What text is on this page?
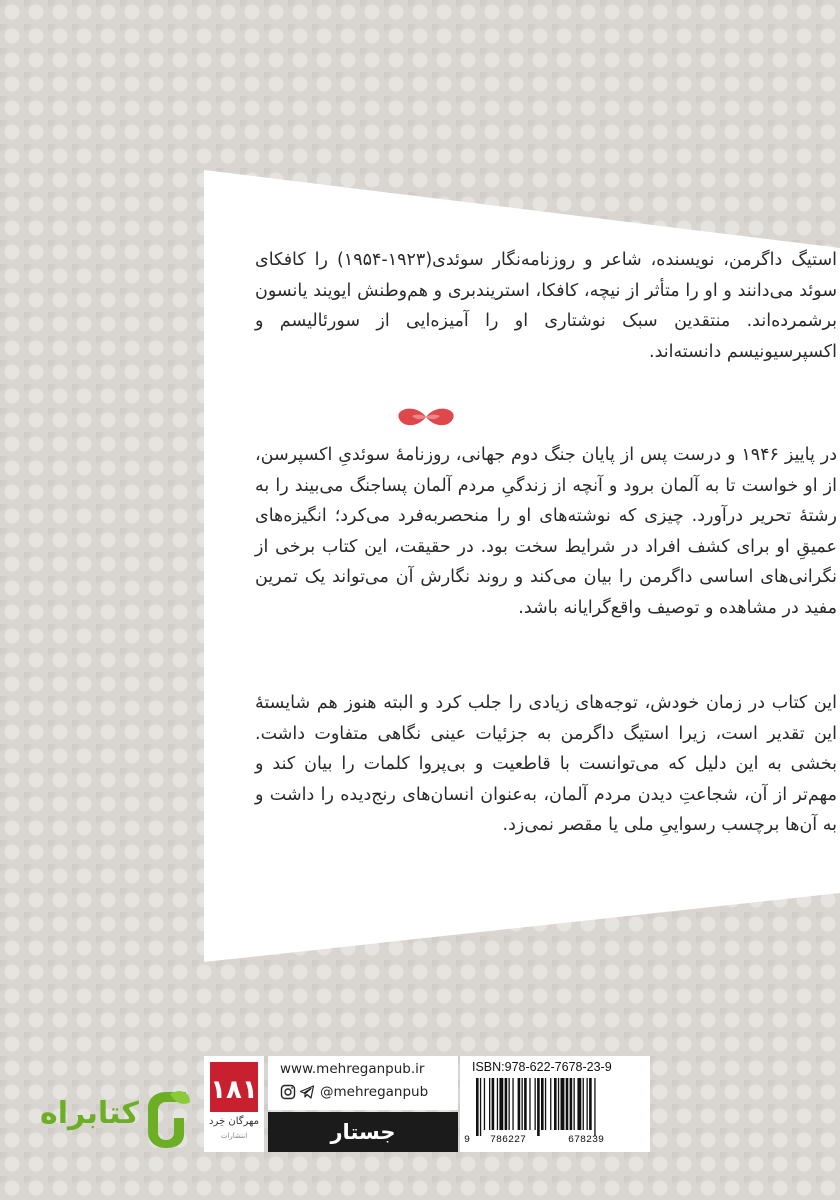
استیگ داگرمن، نویسنده، شاعر و روزنامه‌نگار سوئدی(۱۹۲۳-۱۹۵۴) را کافکای سوئد می‌دانند و او را متأثر از نیچه، کافکا، استریندبری و هم‌وطنش ایویند یانسون برشمرده‌اند. منتقدین سبک نوشتاری او را آمیزه‌ایی از سورئالیسم و اکسپرسیونیسم دانسته‌اند.

در پاییز ۱۹۴۶ و درست پس از پایان جنگ دوم جهانی، روزنامهٔ سوئدیِ اکسپرسن، از او خواست تا به آلمان برود و آنچه از زندگیِ مردم آلمان پساجنگ می‌بیند را به رشتهٔ تحریر درآورد. چیزی که نوشته‌های او را منحصربه‌فرد می‌کرد؛ انگیزه‌های عمیقِ او برای کشف افراد در شرایط سخت بود. در حقیقت، این کتاب برخی از نگرانی‌های اساسی داگرمن را بیان می‌کند و روند نگارش آن می‌تواند یک تمرین مفید در مشاهده و توصیف واقع‌گرایانه باشد.

این کتاب در زمان خودش، توجه‌های زیادی را جلب کرد و البته هنوز هم شایستهٔ این تقدیر است، زیرا استیگ داگرمن به جزئیات عینی نگاهی متفاوت داشت. بخشی به این دلیل که می‌توانست با قاطعیت و بی‌پروا کلمات را بیان کند و مهم‌تر از آن، شجاعتِ دیدن مردم آلمان، به‌عنوان انسان‌های رنج‌دیده را داشت و به آن‌ها برچسب رسواییِ ملی یا مقصر نمی‌زد.

کتابراه
۱۸۱
مهرگان خِرد
انتشارات
www.mehreganpub.ir
@mehreganpub
جستار
ISBN:978-622-7678-23-9
9 786227	678239
